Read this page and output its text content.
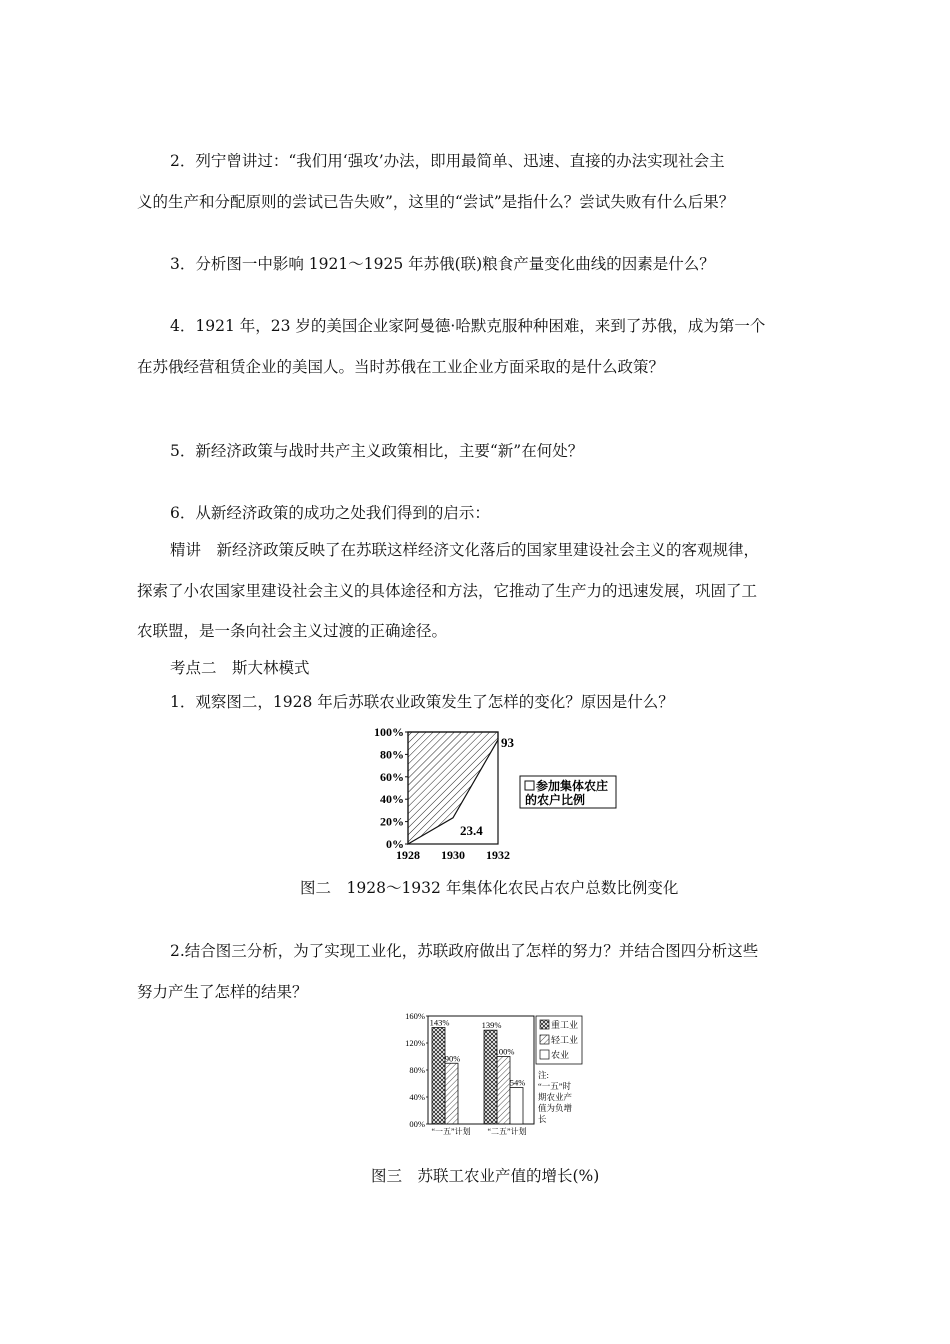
2．列宁曾讲过：“我们用‘强攻’办法，即用最简单、迅速、直接的办法实现社会主
义的生产和分配原则的尝试已告失败”，这里的“尝试”是指什么？尝试失败有什么后果？
3．分析图一中影响 1921～1925 年苏俄(联)粮食产量变化曲线的因素是什么？
4．1921 年，23 岁的美国企业家阿曼德·哈默克服种种困难，来到了苏俄，成为第一个
在苏俄经营租赁企业的美国人。当时苏俄在工业企业方面采取的是什么政策？
5．新经济政策与战时共产主义政策相比，主要“新”在何处？
6．从新经济政策的成功之处我们得到的启示：
精讲　新经济政策反映了在苏联这样经济文化落后的国家里建设社会主义的客观规律，
探索了小农国家里建设社会主义的具体途径和方法，它推动了生产力的迅速发展，巩固了工
农联盟，是一条向社会主义过渡的正确途径。
考点二　斯大林模式
1．观察图二，1928 年后苏联农业政策发生了怎样的变化？原因是什么？
100%
80%
60%
40%
20%
0%
1928 1930 1932
23.4
93
参加集体农庄
的农户比例
图二　1928～1932 年集体化农民占农户总数比例变化
2.结合图三分析，为了实现工业化，苏联政府做出了怎样的努力？并结合图四分析这些
努力产生了怎样的结果？
160%
120%
80%
40%
00%
143%
90%
139%
100%
54%
“一五”计划 “二五”计划
重工业
轻工业
农业
注:
“一五”时
期农业产
值为负增
长
图三　苏联工农业产值的增长(%)
